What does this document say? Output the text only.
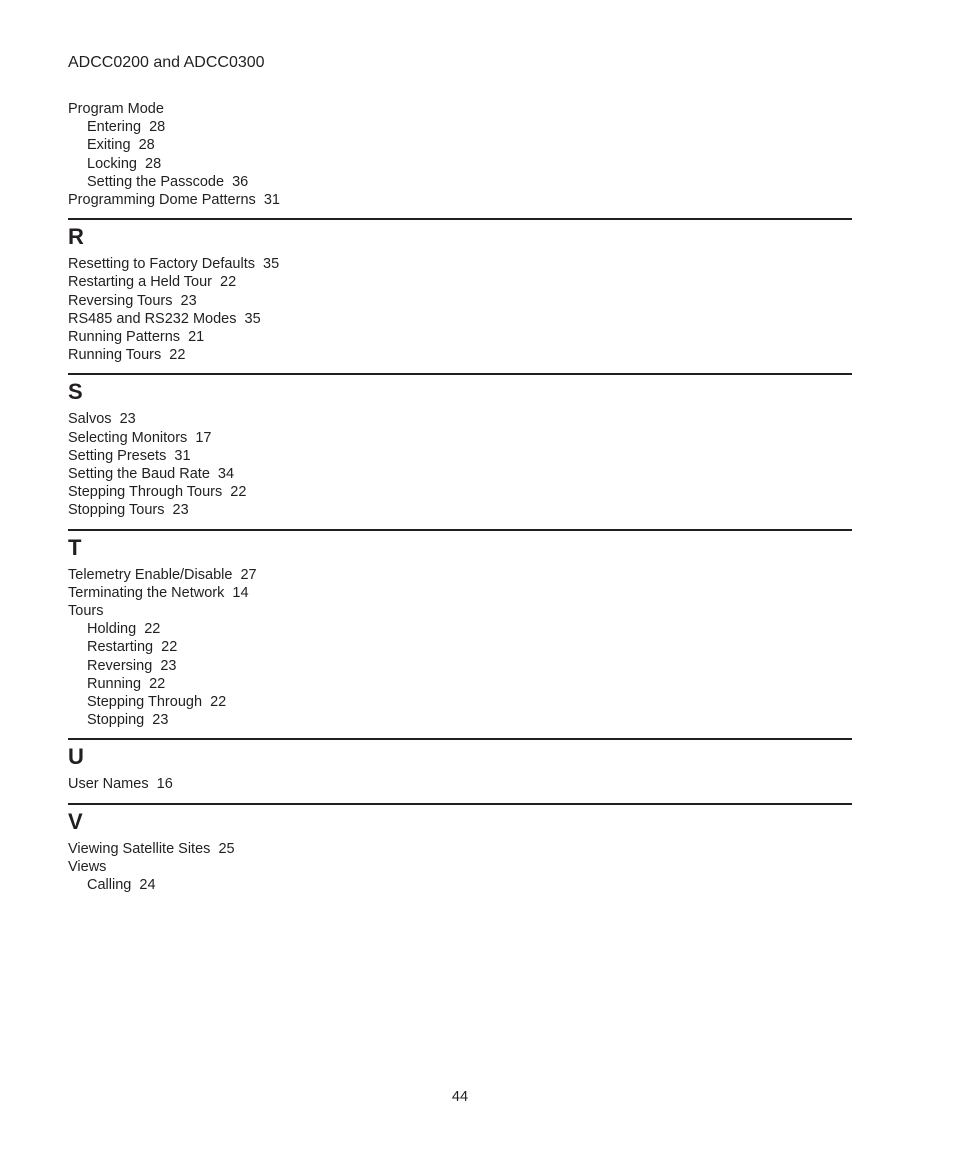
ADCC0200 and ADCC0300
Program Mode
Entering  28
Exiting  28
Locking  28
Setting the Passcode  36
Programming Dome Patterns  31
R
Resetting to Factory Defaults  35
Restarting a Held Tour  22
Reversing Tours  23
RS485 and RS232 Modes  35
Running Patterns  21
Running Tours  22
S
Salvos  23
Selecting Monitors  17
Setting Presets  31
Setting the Baud Rate  34
Stepping Through Tours  22
Stopping Tours  23
T
Telemetry Enable/Disable  27
Terminating the Network  14
Tours
Holding  22
Restarting  22
Reversing  23
Running  22
Stepping Through  22
Stopping  23
U
User Names  16
V
Viewing Satellite Sites  25
Views
Calling  24
44
